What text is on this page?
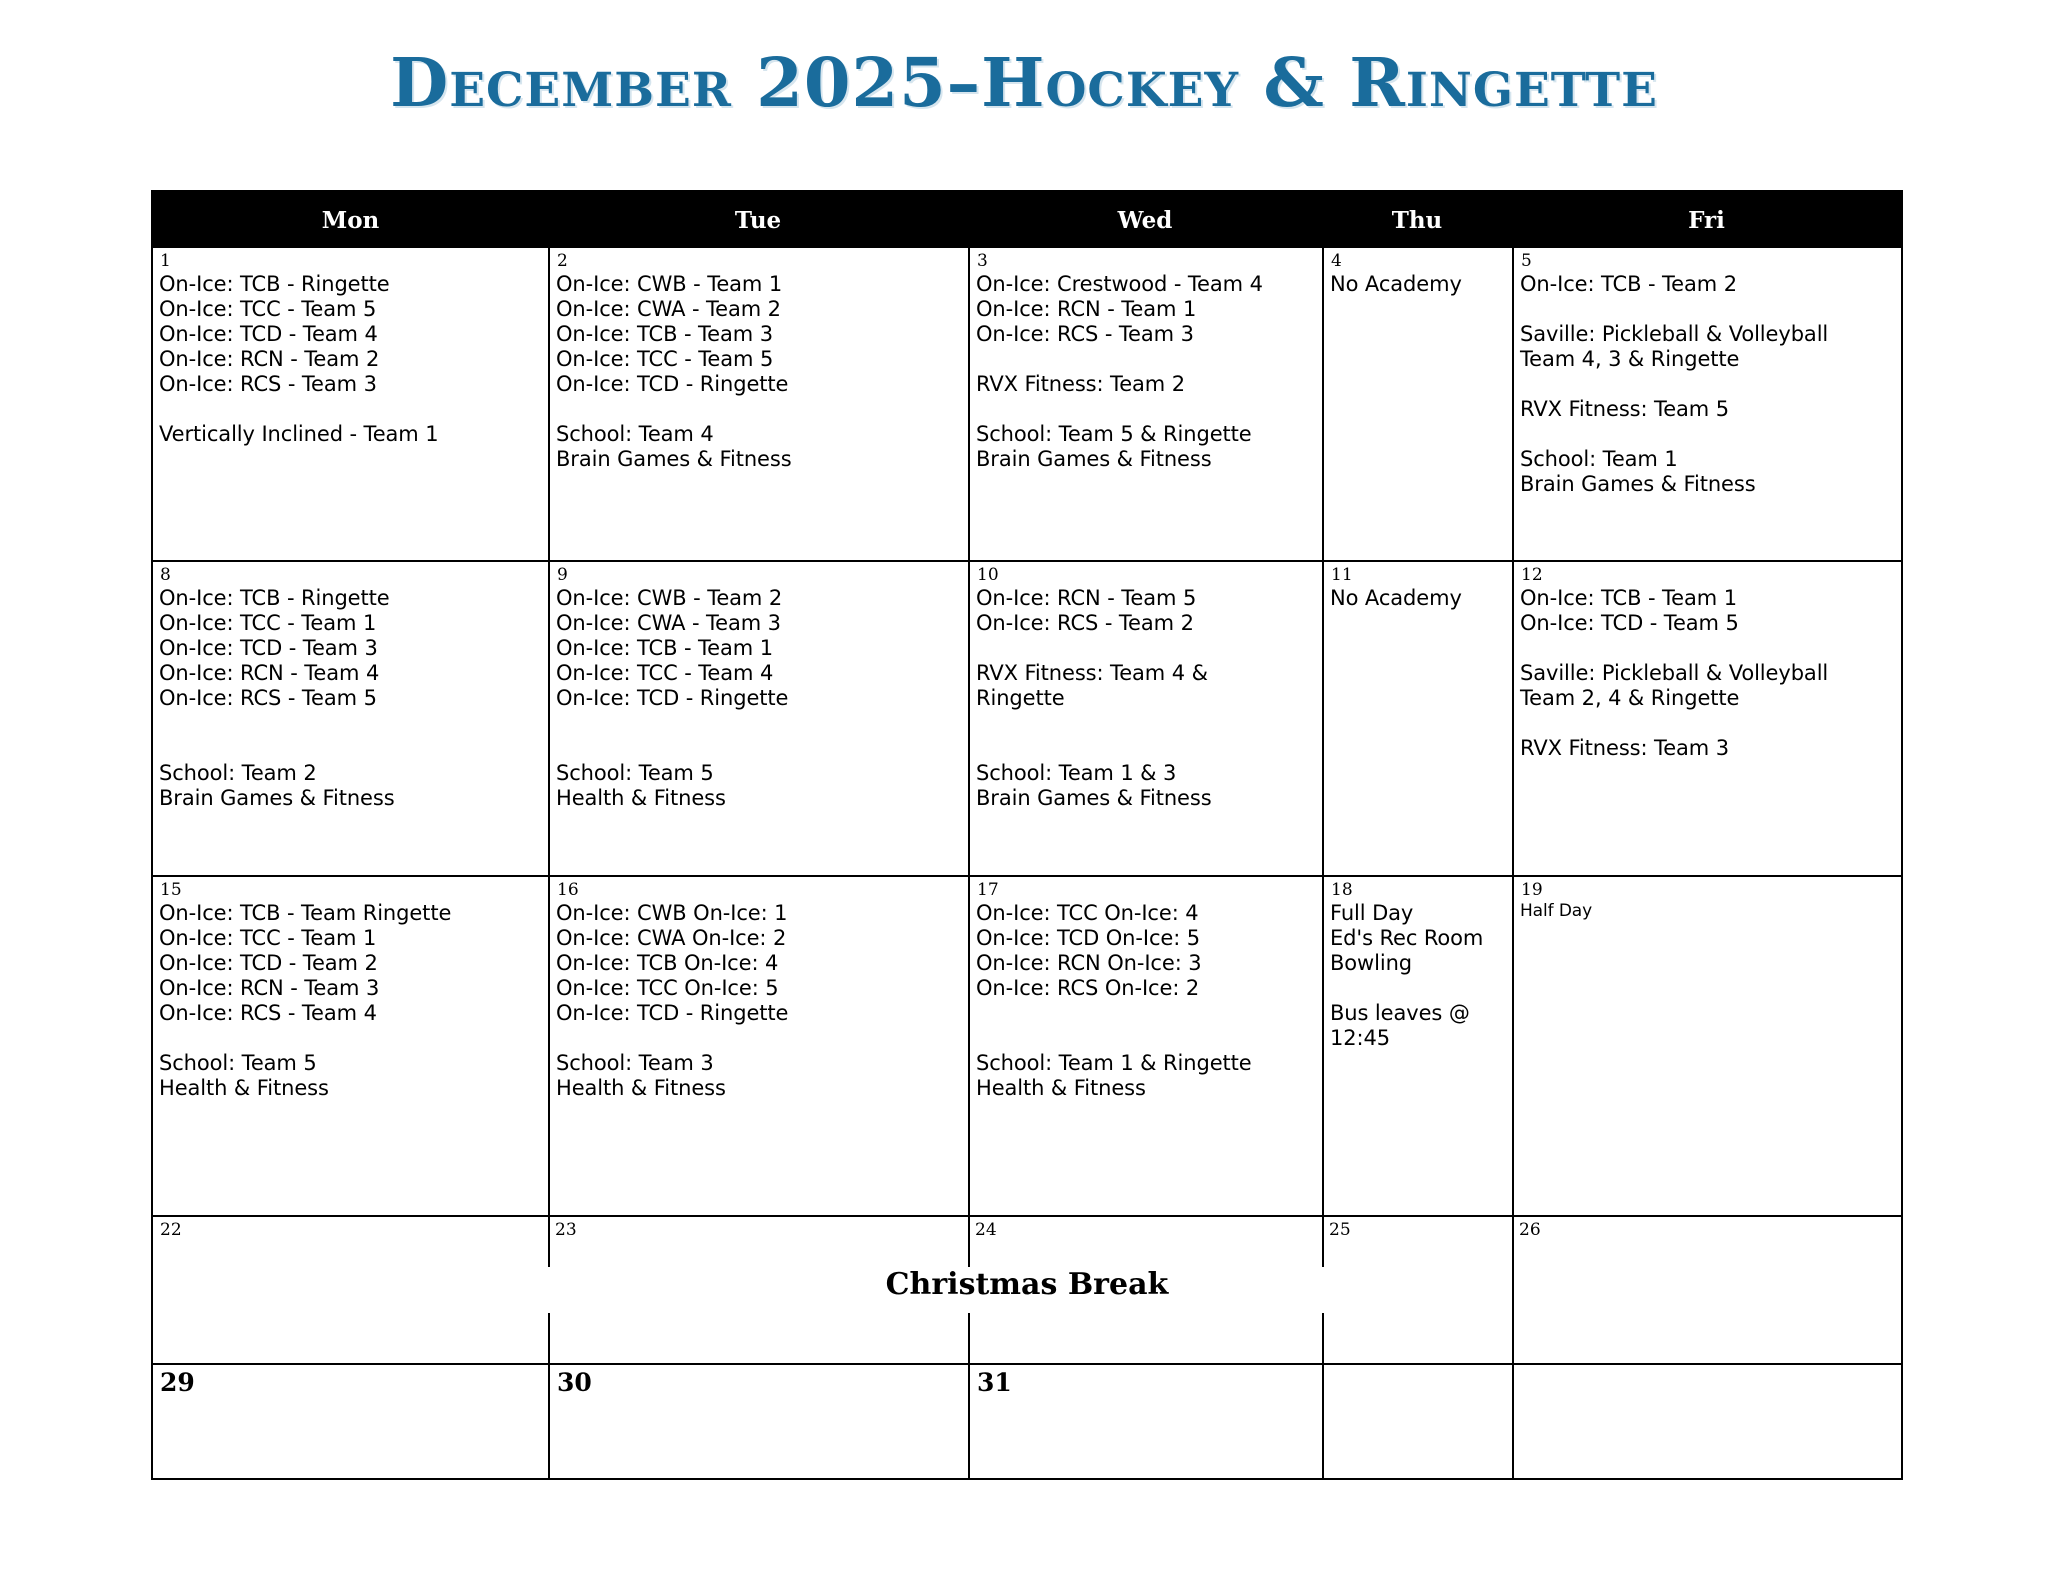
December 2025–Hockey & Ringette
Mon	Tue	Wed	Thu	Fri
1
On-Ice: TCB - Ringette
On-Ice: TCC - Team 5
On-Ice: TCD - Team 4
On-Ice: RCN - Team 2
On-Ice: RCS - Team 3
Vertically Inclined - Team 1
2
On-Ice: CWB - Team 1
On-Ice: CWA - Team 2
On-Ice: TCB - Team 3
On-Ice: TCC - Team 5
On-Ice: TCD - Ringette
School: Team 4
Brain Games & Fitness
3
On-Ice: Crestwood - Team 4
On-Ice: RCN - Team 1
On-Ice: RCS - Team 3
RVX Fitness: Team 2
School: Team 5 & Ringette
Brain Games & Fitness
4
No Academy
5
On-Ice: TCB - Team 2
Saville: Pickleball & Volleyball
Team 4, 3 & Ringette
RVX Fitness: Team 5
School: Team 1
Brain Games & Fitness
8
On-Ice: TCB - Ringette
On-Ice: TCC - Team 1
On-Ice: TCD - Team 3
On-Ice: RCN - Team 4
On-Ice: RCS - Team 5
School: Team 2
Brain Games & Fitness
9
On-Ice: CWB - Team 2
On-Ice: CWA - Team 3
On-Ice: TCB - Team 1
On-Ice: TCC - Team 4
On-Ice: TCD - Ringette
School: Team 5
Health & Fitness
10
On-Ice: RCN - Team 5
On-Ice: RCS - Team 2
RVX Fitness: Team 4 &
Ringette
School: Team 1 & 3
Brain Games & Fitness
11
No Academy
12
On-Ice: TCB - Team 1
On-Ice: TCD - Team 5
Saville: Pickleball & Volleyball
Team 2, 4 & Ringette
RVX Fitness: Team 3
15
On-Ice: TCB - Team Ringette
On-Ice: TCC - Team 1
On-Ice: TCD - Team 2
On-Ice: RCN - Team 3
On-Ice: RCS - Team 4
School: Team 5
Health & Fitness
16
On-Ice: CWB On-Ice: 1
On-Ice: CWA On-Ice: 2
On-Ice: TCB On-Ice: 4
On-Ice: TCC On-Ice: 5
On-Ice: TCD - Ringette
School: Team 3
Health & Fitness
17
On-Ice: TCC On-Ice: 4
On-Ice: TCD On-Ice: 5
On-Ice: RCN On-Ice: 3
On-Ice: RCS On-Ice: 2
School: Team 1 & Ringette
Health & Fitness
18
Full Day
Ed's Rec Room
Bowling
Bus leaves @
12:45
19
Half Day
22	23	24	25	26
Christmas Break
29	30	31
